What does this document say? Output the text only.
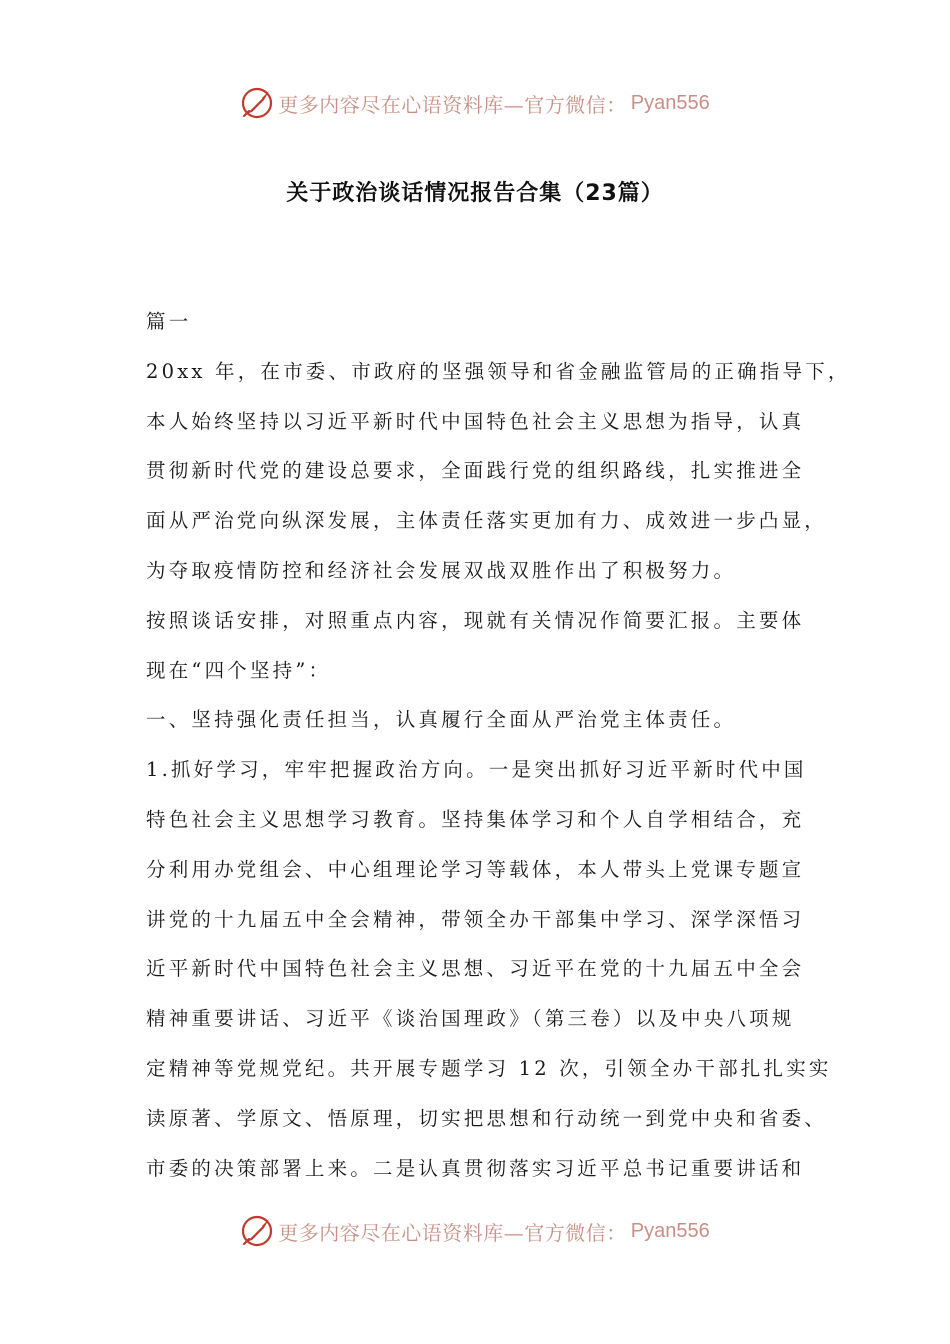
更多内容尽在心语资料库—官方微信： Pyan556
关于政治谈话情况报告合集（23篇）
篇一
20xx 年，在市委、市政府的坚强领导和省金融监管局的正确指导下，
本人始终坚持以习近平新时代中国特色社会主义思想为指导，认真
贯彻新时代党的建设总要求，全面践行党的组织路线，扎实推进全
面从严治党向纵深发展，主体责任落实更加有力、成效进一步凸显，
为夺取疫情防控和经济社会发展双战双胜作出了积极努力。
按照谈话安排，对照重点内容，现就有关情况作简要汇报。主要体
现在“四个坚持”：
一、坚持强化责任担当，认真履行全面从严治党主体责任。
1.抓好学习，牢牢把握政治方向。一是突出抓好习近平新时代中国
特色社会主义思想学习教育。坚持集体学习和个人自学相结合，充
分利用办党组会、中心组理论学习等载体，本人带头上党课专题宣
讲党的十九届五中全会精神，带领全办干部集中学习、深学深悟习
近平新时代中国特色社会主义思想、习近平在党的十九届五中全会
精神重要讲话、习近平《谈治国理政》（第三卷）以及中央八项规
定精神等党规党纪。共开展专题学习 12 次，引领全办干部扎扎实实
读原著、学原文、悟原理，切实把思想和行动统一到党中央和省委、
市委的决策部署上来。二是认真贯彻落实习近平总书记重要讲话和
更多内容尽在心语资料库—官方微信： Pyan556
